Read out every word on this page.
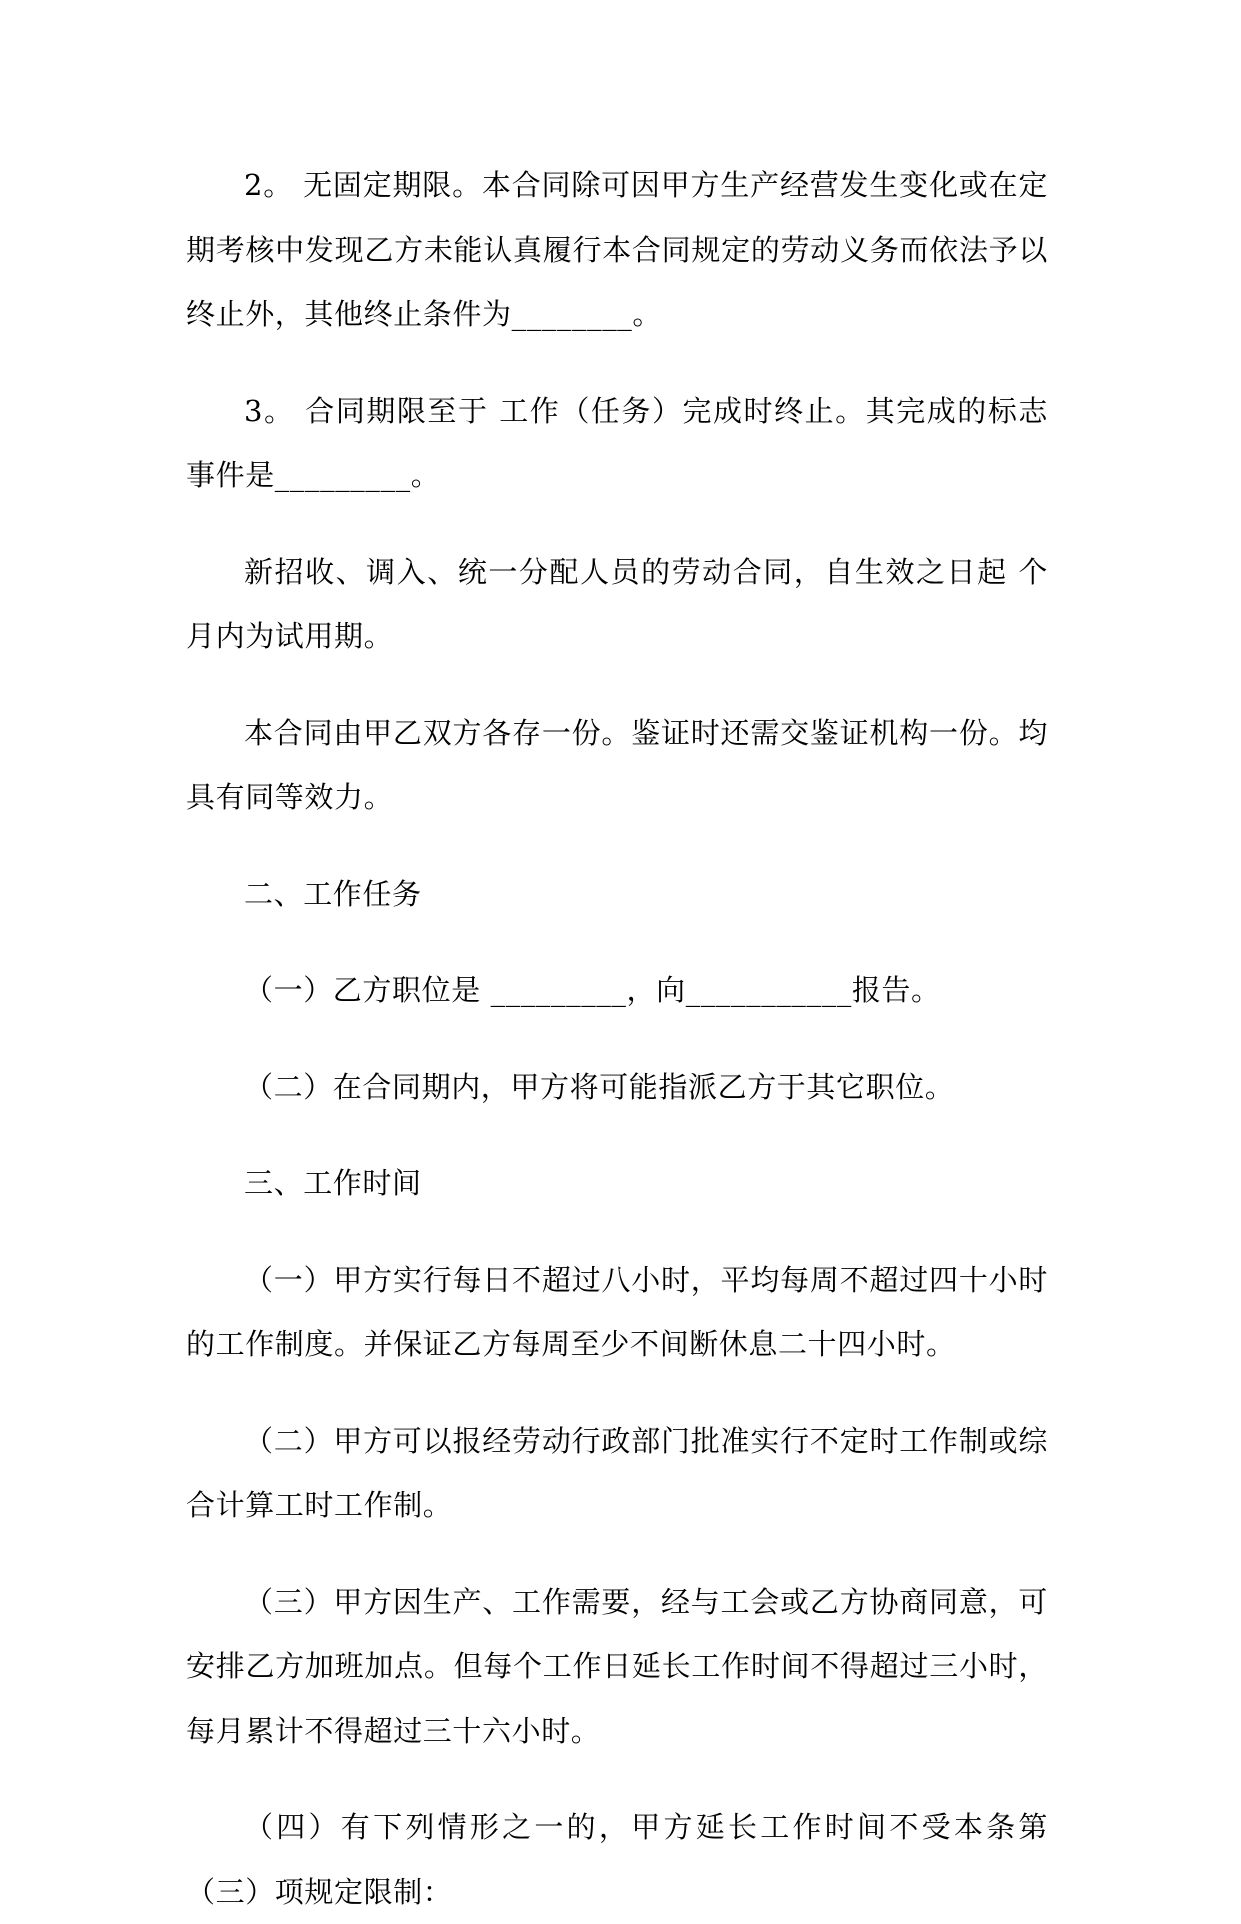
2。 无固定期限。本合同除可因甲方生产经营发生变化或在定期考核中发现乙方未能认真履行本合同规定的劳动义务而依法予以终止外，其他终止条件为________。

3。 合同期限至于 工作（任务）完成时终止。其完成的标志事件是_________。

新招收、调入、统一分配人员的劳动合同，自生效之日起 个月内为试用期。

本合同由甲乙双方各存一份。鉴证时还需交鉴证机构一份。均具有同等效力。

二、工作任务

（一）乙方职位是 _________，向___________报告。

（二）在合同期内，甲方将可能指派乙方于其它职位。

三、工作时间

（一）甲方实行每日不超过八小时，平均每周不超过四十小时的工作制度。并保证乙方每周至少不间断休息二十四小时。

（二）甲方可以报经劳动行政部门批准实行不定时工作制或综合计算工时工作制。

（三）甲方因生产、工作需要，经与工会或乙方协商同意，可安排乙方加班加点。但每个工作日延长工作时间不得超过三小时，每月累计不得超过三十六小时。

（四）有下列情形之一的，甲方延长工作时间不受本条第（三）项规定限制：
